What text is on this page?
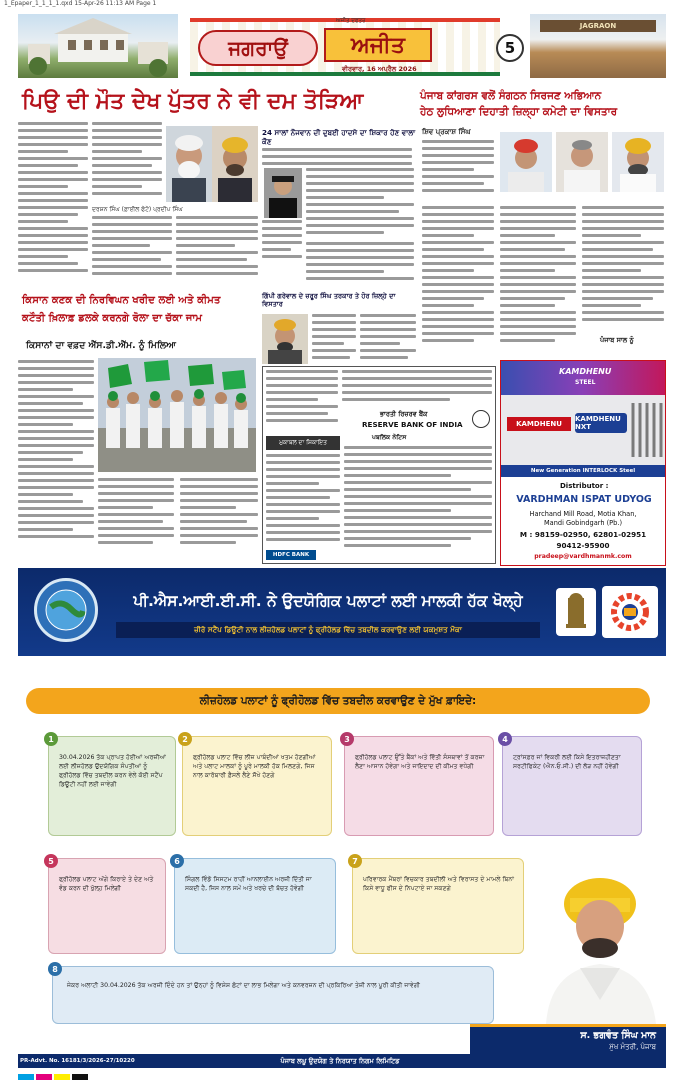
1_Epaper_1_1_1_1.qxd 15-Apr-26 11:13 AM Page 1
ਜਗਰਾਉਂ	ਅਜੀਤ
ਅਜੀਤ ਦਫਤਰ
ਵੀਰਵਾਰ, 16 ਅਪ੍ਰੈਲ 2026
5
JAGRAON
ਪਿਉ ਦੀ ਮੌਤ ਦੇਖ ਪੁੱਤਰ ਨੇ ਵੀ ਦਮ ਤੋੜਿਆ
ਦਰਸ਼ਨ ਸਿੰਘ (ਫ਼ਾਈਲ ਫੋਟੋ) ਪ੍ਰਦੀਪ ਸਿੰਘ
24 ਸਾਲਾਂ ਨੌਜਵਾਨ ਦੀ ਦੁਬਈ ਹਾਦਸੇ ਦਾ ਸ਼ਿਕਾਰ ਹੋਣ ਵਾਲਾ ਕੌਣ
ਪੰਜਾਬ ਕਾਂਗਰਸ ਵਲੋਂ ਸੰਗਠਨ ਸਿਰਜਣ ਅਭਿਆਨ
ਹੇਠ ਲੁਧਿਆਣਾ ਦਿਹਾਤੀ ਜ਼ਿਲ੍ਹਾ ਕਮੇਟੀ ਦਾ ਵਿਸਤਾਰ
ਸ਼ਿਵ ਪ੍ਰਕਾਸ਼ ਸਿੰਘ
ਪੰਜਾਬ ਸਾਲ ਨੂੰ
ਕਿਸਾਨ ਕਣਕ ਦੀ ਨਿਰਵਿਘਨ ਖਰੀਦ ਲਈ ਅਤੇ ਕੀਮਤ
ਕਟੌਤੀ ਖ਼ਿਲਾਫ਼ ਡਲਕੇ ਕਰਨਗੇ ਰੋਲਾ ਦਾ ਚੱਕਾ ਜਾਮ
ਕਿਸਾਨਾਂ ਦਾ ਵਫ਼ਦ ਐੱਸ.ਡੀ.ਐੱਮ. ਨੂੰ ਮਿਲਿਆ
ਗਿੱਪੀ ਗਰੇਵਾਲ ਦੇ ਜ਼ਰੂਰ ਸਿੰਘ ਤਰਕਾਰ ਤੇ ਹੋਰ ਜ਼ਿਲ੍ਹੇ ਦਾ ਵਿਸਤਾਰ
ਭਾਰਤੀ ਰਿਜ਼ਰਵ ਬੈਂਕ
RESERVE BANK OF INDIA
ਪਬਲਿਕ ਨੋਟਿਸ
ਮੁਕਾਬਲ ਦਾ ਸ਼ਿਕਾਇਤ
HDFC BANK
KAMDHENU
STEEL
KAMDHENU
KAMDHENU NXT
New Generation INTERLOCK Steel
Distributor :
VARDHMAN ISPAT UDYOG
Harchand Mill Road, Motia Khan,
Mandi Gobindgarh (Pb.)
M : 98159-02950, 62801-02951
90412-95900
pradeep@vardhmanmk.com
ਪੀ.ਐਸ.ਆਈ.ਈ.ਸੀ. ਨੇ ਉਦਯੋਗਿਕ ਪਲਾਟਾਂ ਲਈ ਮਾਲਕੀ ਹੱਕ ਖੋਲ੍ਹੇ
ਜ਼ੀਰੋ ਸਟੈਂਪ ਡਿਊਟੀ ਨਾਲ ਲੀਜ਼ਹੋਲਡ ਪਲਾਟਾਂ ਨੂੰ ਫ੍ਰੀਹੋਲਡ ਵਿੱਚ ਤਬਦੀਲ ਕਰਵਾਉਣ ਲਈ ਯਕਮੁਸ਼ਤ ਮੌਕਾ
ਲੀਜ਼ਹੋਲਡ ਪਲਾਟਾਂ ਨੂੰ ਫ੍ਰੀਹੋਲਡ ਵਿੱਚ ਤਬਦੀਲ ਕਰਵਾਉਣ ਦੇ ਮੁੱਖ ਫ਼ਾਇਦੇ:
30.04.2026 ਤੱਕ ਪ੍ਰਾਪਤ ਹੋਈਆਂ ਅਰਜ਼ੀਆਂ ਲਈ ਲੀਜ਼ਹੋਲਡ ਉਦਯੋਗਿਕ ਸੰਪਤੀਆਂ ਨੂੰ ਫ੍ਰੀਹੋਲਡ ਵਿੱਚ ਤਬਦੀਲ ਕਰਨ ਵੇਲੇ ਕੋਈ ਸਟੈਂਪ ਡਿਊਟੀ ਨਹੀਂ ਲਈ ਜਾਵੇਗੀ
1
ਫ੍ਰੀਹੋਲਡ ਪਲਾਟ ਵਿੱਚ ਲੀਜ਼ ਪਾਬੰਦੀਆਂ ਖਤਮ ਹੋਣਗੀਆਂ ਅਤੇ ਪਲਾਟ ਮਾਲਕਾਂ ਨੂੰ ਪੂਰੇ ਮਾਲਕੀ ਹੱਕ ਮਿਲਣਗੇ, ਜਿਸ ਨਾਲ ਕਾਰੋਬਾਰੀ ਫ਼ੈਸਲੇ ਲੈਣੇ ਸੌਖੇ ਹੋਣਗੇ
2
ਫ੍ਰੀਹੋਲਡ ਪਲਾਟ ਉੱਤੇ ਬੈਂਕਾਂ ਅਤੇ ਵਿੱਤੀ ਸੰਸਥਾਵਾਂ ਤੋਂ ਕਰਜ਼ਾ ਲੈਣਾ ਆਸਾਨ ਹੋਵੇਗਾ ਅਤੇ ਜਾਇਦਾਦ ਦੀ ਕੀਮਤ ਵਧੇਗੀ
3
ਟ੍ਰਾਂਸਫ਼ਰ ਜਾਂ ਵਿਕਰੀ ਲਈ ਕਿਸੇ ਇਤਰਾਜ਼ਹੀਣਤਾ ਸਰਟੀਫਿਕੇਟ (ਐਨ.ਓ.ਸੀ.) ਦੀ ਲੋੜ ਨਹੀਂ ਹੋਵੇਗੀ
4
ਫ੍ਰੀਹੋਲਡ ਪਲਾਟ ਅੱਗੇ ਕਿਰਾਏ ਤੇ ਦੇਣ ਅਤੇ ਵੰਡ ਕਰਨ ਦੀ ਖੁੱਲ੍ਹ ਮਿਲੇਗੀ
5
ਸਿੰਗਲ ਵਿੰਡੋ ਸਿਸਟਮ ਰਾਹੀਂ ਆਨਲਾਈਨ ਅਰਜ਼ੀ ਦਿੱਤੀ ਜਾ ਸਕਦੀ ਹੈ, ਜਿਸ ਨਾਲ ਸਮੇਂ ਅਤੇ ਖਰਚੇ ਦੀ ਬੱਚਤ ਹੋਵੇਗੀ
6
ਪਰਿਵਾਰਕ ਮੈਂਬਰਾਂ ਵਿਚਕਾਰ ਤਬਦੀਲੀ ਅਤੇ ਵਿਰਾਸਤ ਦੇ ਮਾਮਲੇ ਬਿਨਾਂ ਕਿਸੇ ਵਾਧੂ ਫੀਸ ਦੇ ਨਿਪਟਾਏ ਜਾ ਸਕਣਗੇ
7
ਜੇਕਰ ਅਲਾਟੀ 30.04.2026 ਤੱਕ ਅਰਜ਼ੀ ਦਿੰਦੇ ਹਨ ਤਾਂ ਉਨ੍ਹਾਂ ਨੂੰ ਵਿਸ਼ੇਸ਼ ਛੋਟਾਂ ਦਾ ਲਾਭ ਮਿਲੇਗਾ ਅਤੇ ਕਨਵਰਜ਼ਨ ਦੀ ਪ੍ਰਕਿਰਿਆ ਤੇਜ਼ੀ ਨਾਲ ਪੂਰੀ ਕੀਤੀ ਜਾਵੇਗੀ
8
ਸ. ਭਗਵੰਤ ਸਿੰਘ ਮਾਨ
ਮੁੱਖ ਮੰਤਰੀ, ਪੰਜਾਬ
PR-Advt. No. 16181/3/2026-27/10220	ਪੰਜਾਬ ਲਘੂ ਉਦਯੋਗ ਤੇ ਨਿਰਯਾਤ ਨਿਗਮ ਲਿਮਿਟਿਡ
